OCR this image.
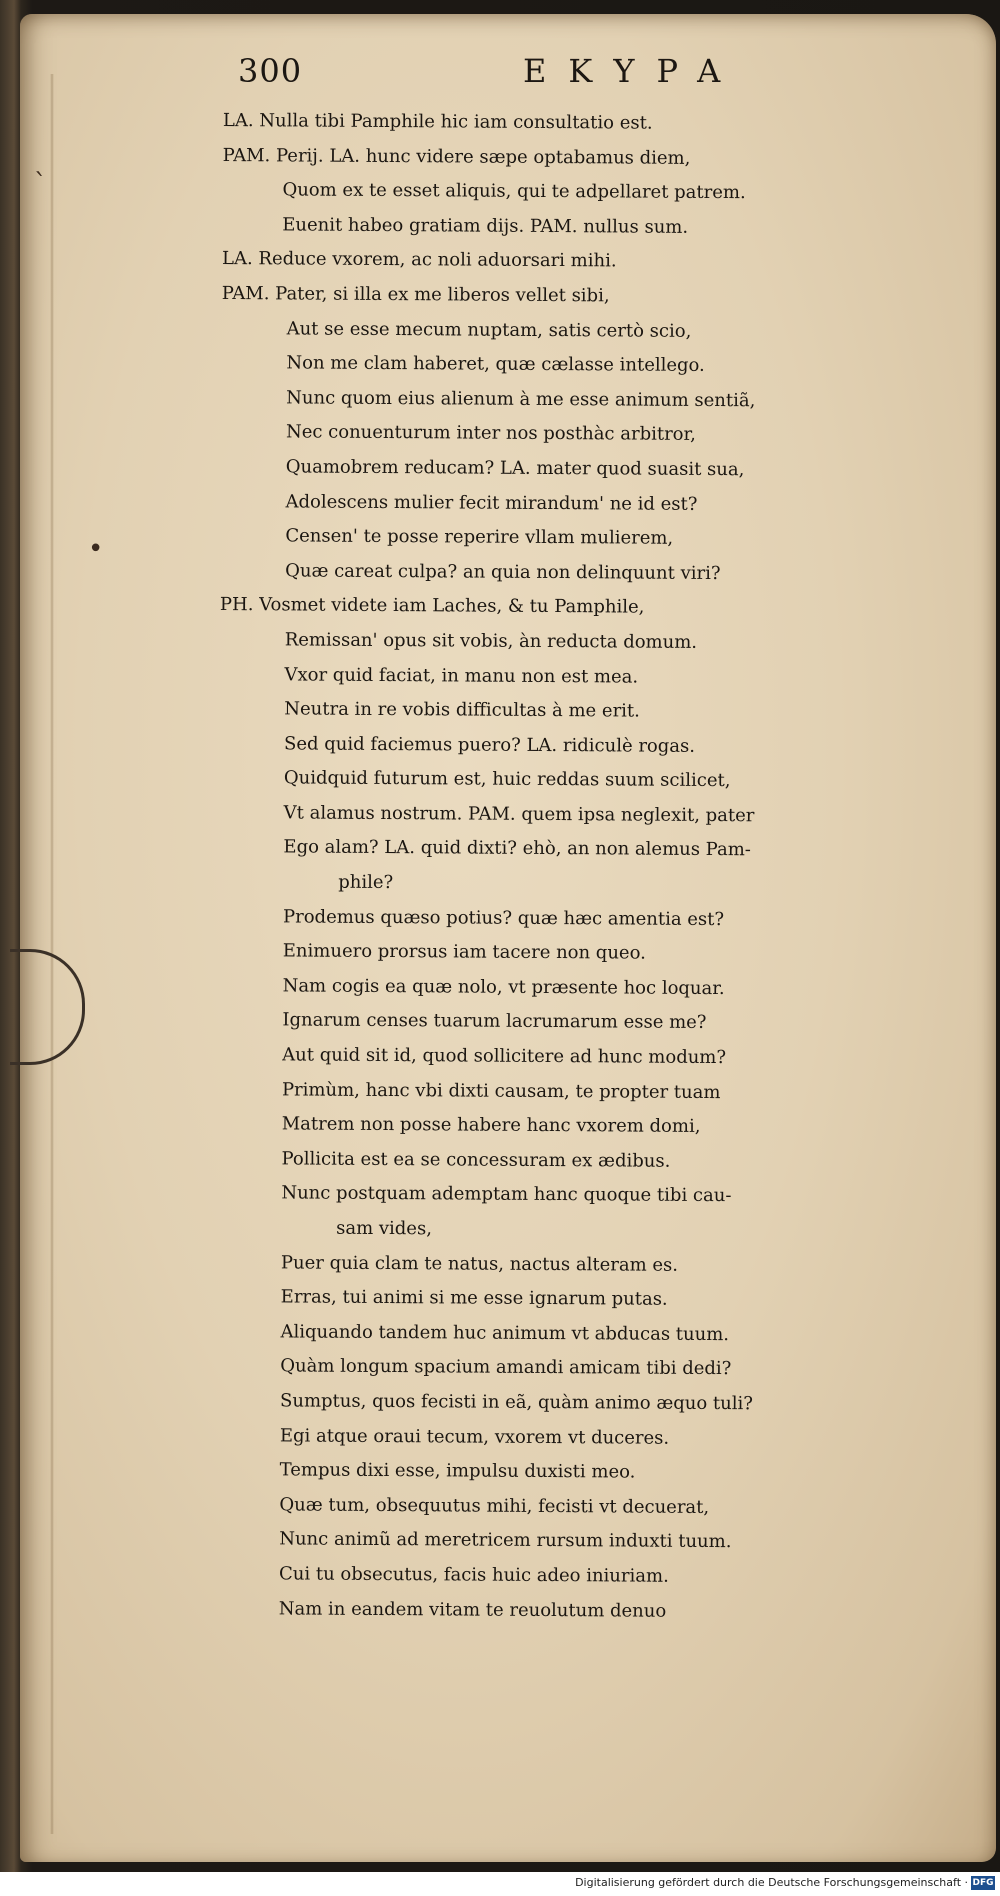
300	EKYPA
LA. Nulla tibi Pamphile hic iam consultatio est.
PAM. Perij. LA. hunc videre sæpe optabamus diem,
Quom ex te esset aliquis, qui te adpellaret patrem.
Euenit habeo gratiam dijs. PAM. nullus sum.
LA. Reduce vxorem, ac noli aduorsari mihi.
PAM. Pater, si illa ex me liberos vellet sibi,
Aut se esse mecum nuptam, satis certò scio,
Non me clam haberet, quæ cælasse intellego.
Nunc quom eius alienum à me esse animum sentiã,
Nec conuenturum inter nos posthàc arbitror,
Quamobrem reducam? LA. mater quod suasit sua,
Adolescens mulier fecit mirandum' ne id est?
Censen' te posse reperire vllam mulierem,
Quæ careat culpa? an quia non delinquunt viri?
PH. Vosmet videte iam Laches, & tu Pamphile,
Remissan' opus sit vobis, àn reducta domum.
Vxor quid faciat, in manu non est mea.
Neutra in re vobis difficultas à me erit.
Sed quid faciemus puero? LA. ridiculè rogas.
Quidquid futurum est, huic reddas suum scilicet,
Vt alamus nostrum. PAM. quem ipsa neglexit, pater
Ego alam? LA. quid dixti? ehò, an non alemus Pam-
phile?
Prodemus quæso potius? quæ hæc amentia est?
Enimuero prorsus iam tacere non queo.
Nam cogis ea quæ nolo, vt præsente hoc loquar.
Ignarum censes tuarum lacrumarum esse me?
Aut quid sit id, quod sollicitere ad hunc modum?
Primùm, hanc vbi dixti causam, te propter tuam
Matrem non posse habere hanc vxorem domi,
Pollicita est ea se concessuram ex ædibus.
Nunc postquam ademptam hanc quoque tibi cau-
sam vides,
Puer quia clam te natus, nactus alteram es.
Erras, tui animi si me esse ignarum putas.
Aliquando tandem huc animum vt abducas tuum.
Quàm longum spacium amandi amicam tibi dedi?
Sumptus, quos fecisti in eã, quàm animo æquo tuli?
Egi atque oraui tecum, vxorem vt duceres.
Tempus dixi esse, impulsu duxisti meo.
Quæ tum, obsequutus mihi, fecisti vt decuerat,
Nunc animũ ad meretricem rursum induxti tuum.
Cui tu obsecutus, facis huic adeo iniuriam.
Nam in eandem vitam te reuolutum denuo
`
•
Digitalisierung gefördert durch die Deutsche Forschungsgemeinschaft · DFG
